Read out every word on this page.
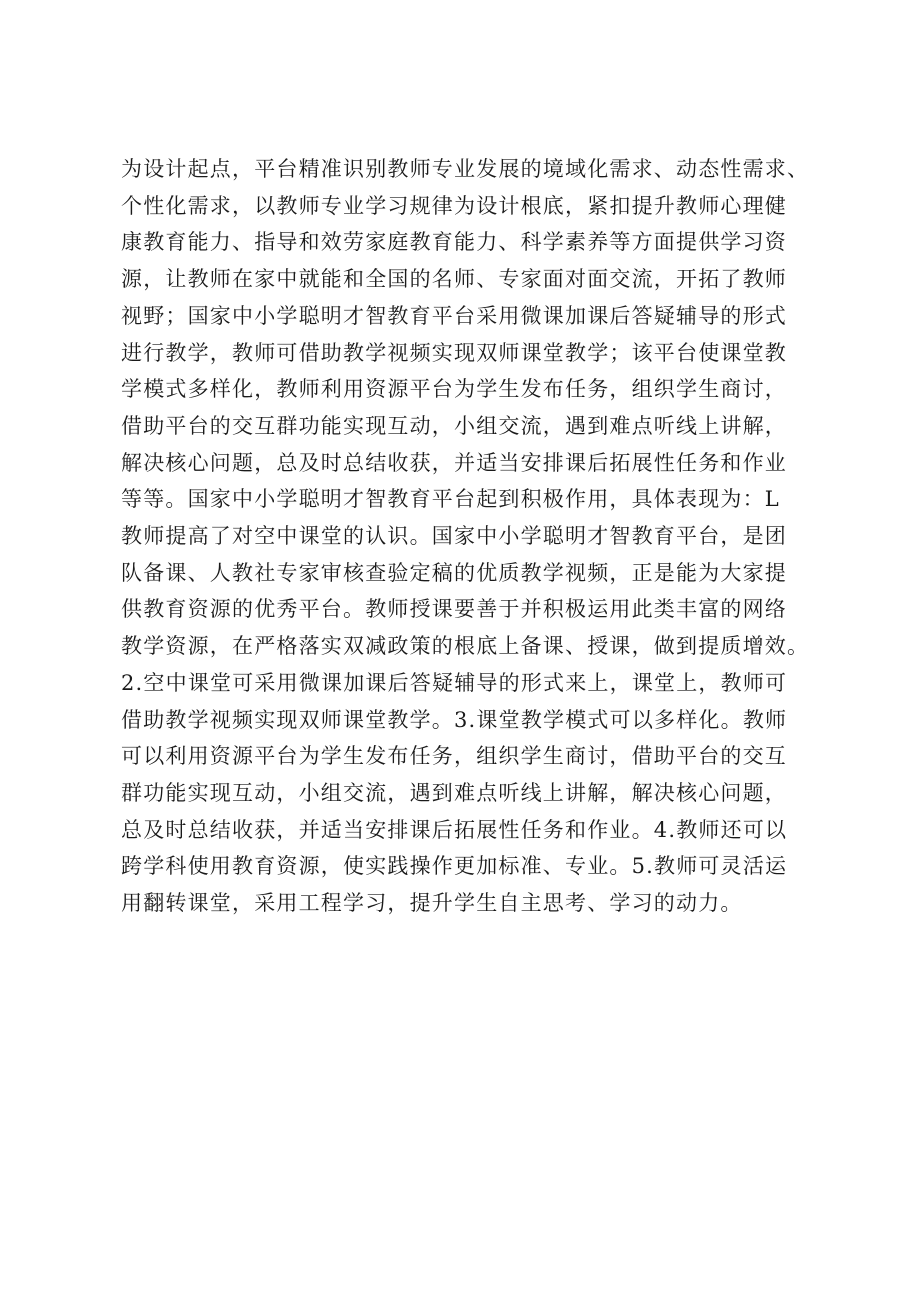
为设计起点，平台精准识别教师专业发展的境域化需求、动态性需求、
个性化需求，以教师专业学习规律为设计根底，紧扣提升教师心理健
康教育能力、指导和效劳家庭教育能力、科学素养等方面提供学习资
源，让教师在家中就能和全国的名师、专家面对面交流，开拓了教师
视野；国家中小学聪明才智教育平台采用微课加课后答疑辅导的形式
进行教学，教师可借助教学视频实现双师课堂教学；该平台使课堂教
学模式多样化，教师利用资源平台为学生发布任务，组织学生商讨，
借助平台的交互群功能实现互动，小组交流，遇到难点听线上讲解，
解决核心问题，总及时总结收获，并适当安排课后拓展性任务和作业
等等。国家中小学聪明才智教育平台起到积极作用，具体表现为：L
教师提高了对空中课堂的认识。国家中小学聪明才智教育平台，是团
队备课、人教社专家审核查验定稿的优质教学视频，正是能为大家提
供教育资源的优秀平台。教师授课要善于并积极运用此类丰富的网络
教学资源，在严格落实双减政策的根底上备课、授课，做到提质增效。
2.空中课堂可采用微课加课后答疑辅导的形式来上，课堂上，教师可
借助教学视频实现双师课堂教学。3.课堂教学模式可以多样化。教师
可以利用资源平台为学生发布任务，组织学生商讨，借助平台的交互
群功能实现互动，小组交流，遇到难点听线上讲解，解决核心问题，
总及时总结收获，并适当安排课后拓展性任务和作业。4.教师还可以
跨学科使用教育资源，使实践操作更加标准、专业。5.教师可灵活运
用翻转课堂，采用工程学习，提升学生自主思考、学习的动力。
